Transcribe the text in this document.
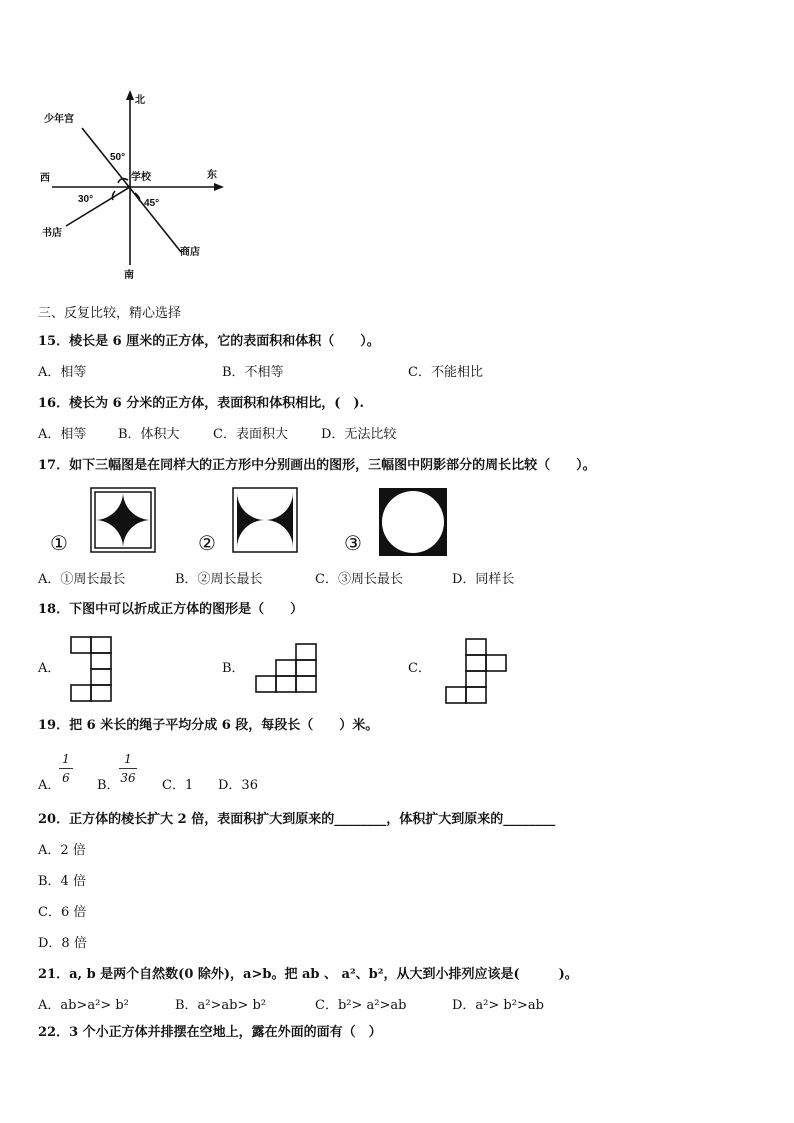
北
南
东
西	学校
少年宫
书店
商店
50°
30°	45°
三、反复比较，精心选择
15．棱长是 6 厘米的正方体，它的表面积和体积（　　）。
A．相等	B．不相等	C．不能相比
16．棱长为 6 分米的正方体，表面积和体积相比，(　).
A．相等 B．体积大	C．表面积大	D．无法比较
17．如下三幅图是在同样大的正方形中分别画出的图形，三幅图中阴影部分的周长比较（　　）。
①	②	③
A．①周长最长	B．②周长最长	C．③周长最长	D．同样长
18．下图中可以折成正方体的图形是（　　）
A．	B．	C．
19．把 6 米长的绳子平均分成 6 段，每段长（　　）米。
A．
1
6 B．
1
36 C．1 D．36
20．正方体的棱长扩大 2 倍，表面积扩大到原来的________，体积扩大到原来的________
A．2 倍
B．4 倍
C．6 倍
D．8 倍
21．a, b 是两个自然数(0 除外)，a>b。把 ab 、 a²、b²，从大到小排列应该是(　　　)。
A．ab>a²> b²	B．a²>ab> b²	C．b²> a²>ab	D．a²> b²>ab
22．3 个小正方体并排摆在空地上，露在外面的面有（　）
